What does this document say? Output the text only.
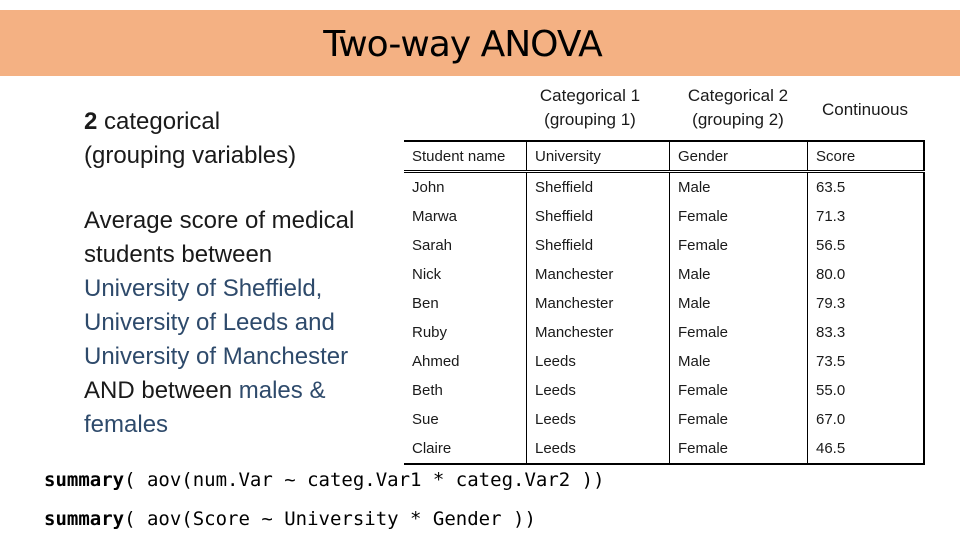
Two-way ANOVA
2 categorical
(grouping variables)
Average score of medical
students between
University of Sheffield,
University of Leeds and
University of Manchester
AND between males &
females
Categorical 1
(grouping 1)
Categorical 2
(grouping 2)
Continuous
Student name	University	Gender	Score
John	Sheffield	Male	63.5
Marwa	Sheffield	Female	71.3
Sarah	Sheffield	Female	56.5
Nick	Manchester	Male	80.0
Ben	Manchester	Male	79.3
Ruby	Manchester	Female	83.3
Ahmed	Leeds	Male	73.5
Beth	Leeds	Female	55.0
Sue	Leeds	Female	67.0
Claire	Leeds	Female	46.5
summary( aov(num.Var ~ categ.Var1 * categ.Var2 ))
summary( aov(Score ~ University * Gender ))
